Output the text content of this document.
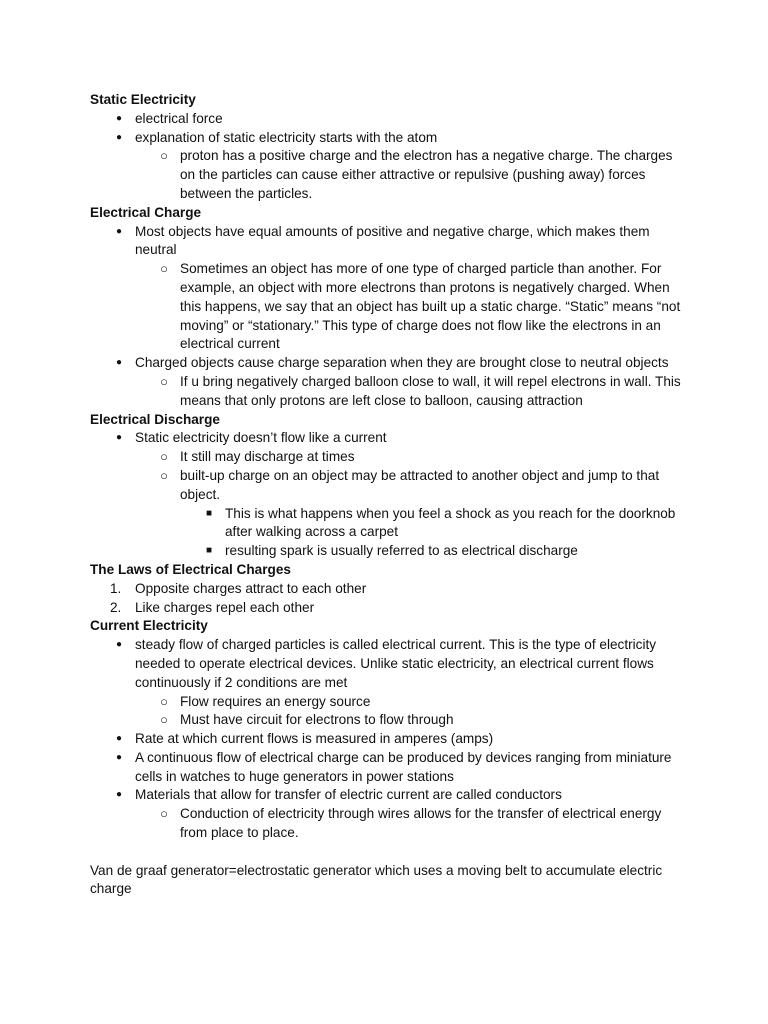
Static Electricity

● electrical force
● explanation of static electricity starts with the atom
○ proton has a positive charge and the electron has a negative charge. The charges on the particles can cause either attractive or repulsive (pushing away) forces between the particles.

Electrical Charge

● Most objects have equal amounts of positive and negative charge, which makes them neutral
○ Sometimes an object has more of one type of charged particle than another. For example, an object with more electrons than protons is negatively charged. When this happens, we say that an object has built up a static charge. “Static” means “not moving” or “stationary.” This type of charge does not flow like the electrons in an electrical current
● Charged objects cause charge separation when they are brought close to neutral objects
○ If u bring negatively charged balloon close to wall, it will repel electrons in wall. This means that only protons are left close to balloon, causing attraction

Electrical Discharge

● Static electricity doesn’t flow like a current
○ It still may discharge at times
○ built-up charge on an object may be attracted to another object and jump to that object.
■ This is what happens when you feel a shock as you reach for the doorknob after walking across a carpet
■ resulting spark is usually referred to as electrical discharge

The Laws of Electrical Charges

1.	Opposite charges attract to each other
2.	Like charges repel each other

Current Electricity

● steady flow of charged particles is called electrical current. This is the type of electricity needed to operate electrical devices. Unlike static electricity, an electrical current flows continuously if 2 conditions are met
○ Flow requires an energy source
○ Must have circuit for electrons to flow through
● Rate at which current flows is measured in amperes (amps)
● A continuous flow of electrical charge can be produced by devices ranging from miniature cells in watches to huge generators in power stations
● Materials that allow for transfer of electric current are called conductors
○ Conduction of electricity through wires allows for the transfer of electrical energy from place to place.

Van de graaf generator=electrostatic generator which uses a moving belt to accumulate electric charge
